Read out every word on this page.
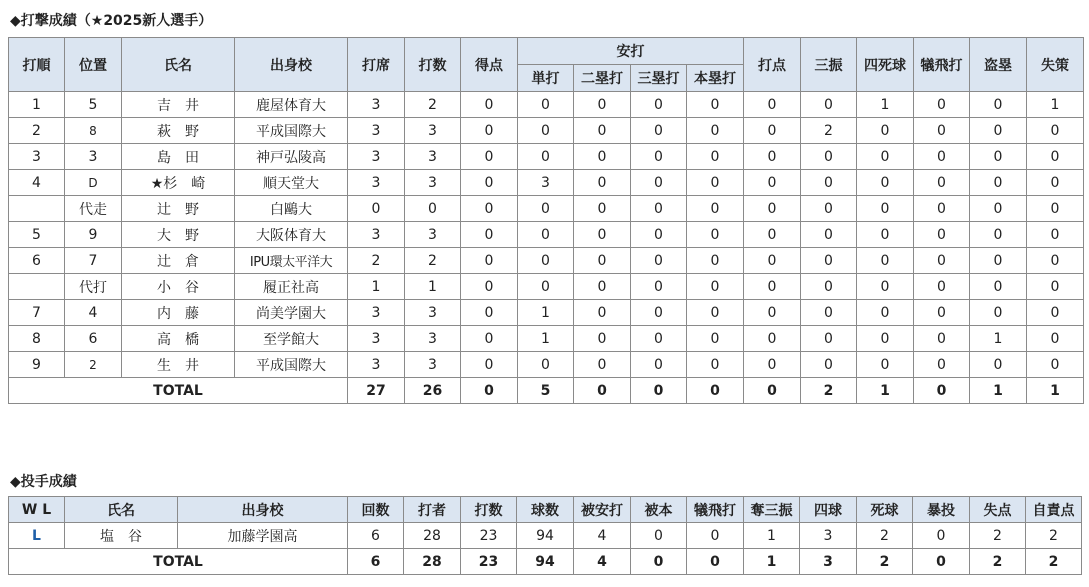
◆打撃成績（★2025新人選手）
打順	位置	氏名	出身校	打席	打数	得点	安打				打点	三振	四死球	犠飛打	盗塁	失策
							単打	二塁打	三塁打	本塁打						
1	5	吉　井	鹿屋体育大	3	2	0	0	0	0	0	0	0	1	0	0	1
2	8	萩　野	平成国際大	3	3	0	0	0	0	0	0	2	0	0	0	0
3	3	島　田	神戸弘陵高	3	3	0	0	0	0	0	0	0	0	0	0	0
4	D	★杉　崎	順天堂大	3	3	0	3	0	0	0	0	0	0	0	0	0
	代走	辻　野	白鷗大	0	0	0	0	0	0	0	0	0	0	0	0	0
5	9	大　野	大阪体育大	3	3	0	0	0	0	0	0	0	0	0	0	0
6	7	辻　倉	IPU環太平洋大	2	2	0	0	0	0	0	0	0	0	0	0	0
	代打	小　谷	履正社高	1	1	0	0	0	0	0	0	0	0	0	0	0
7	4	内　藤	尚美学園大	3	3	0	1	0	0	0	0	0	0	0	0	0
8	6	高　橋	至学館大	3	3	0	1	0	0	0	0	0	0	0	1	0
9	2	生　井	平成国際大	3	3	0	0	0	0	0	0	0	0	0	0	0
TOTAL				27	26	0	5	0	0	0	0	2	1	0	1	1
◆投手成績
W L	氏名	出身校	回数	打者	打数	球数	被安打	被本	犠飛打	奪三振	四球	死球	暴投	失点	自責点
L	塩　谷	加藤学園高	6	28	23	94	4	0	0	1	3	2	0	2	2
TOTAL			6	28	23	94	4	0	0	1	3	2	0	2	2
